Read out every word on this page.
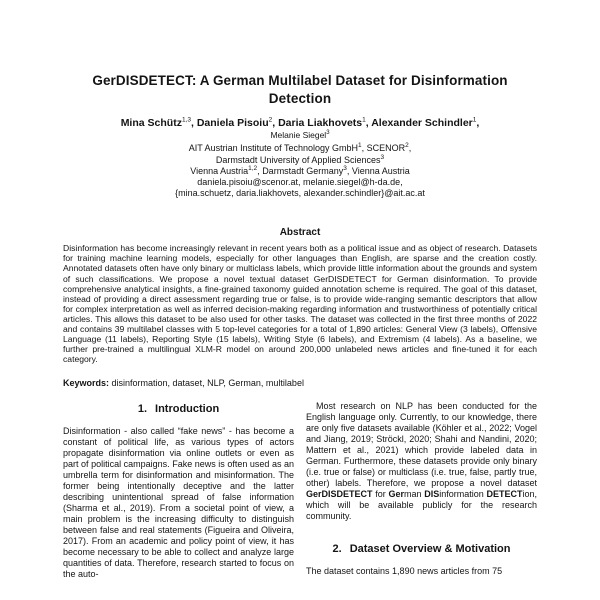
GerDISDETECT: A German Multilabel Dataset for Disinformation Detection
Mina Schütz$^{1,3}$, Daniela Pisoiu$^2$, Daria Liakhovets$^1$, Alexander Schindler$^1$,
Melanie Siegel$^3$
AIT Austrian Institute of Technology GmbH$^1$, SCENOR$^2$,
Darmstadt University of Applied Sciences$^3$
Vienna Austria$^{1,2}$, Darmstadt Germany$^3$, Vienna Austria
daniela.pisoiu@scenor.at, melanie.siegel@h-da.de,
{mina.schuetz, daria.liakhovets, alexander.schindler}@ait.ac.at
Abstract
Disinformation has become increasingly relevant in recent years both as a political issue and as object of research. Datasets for training machine learning models, especially for other languages than English, are sparse and the creation costly. Annotated datasets often have only binary or multiclass labels, which provide little information about the grounds and system of such classifications. We propose a novel textual dataset GerDISDETECT for German disinformation. To provide comprehensive analytical insights, a fine-grained taxonomy guided annotation scheme is required. The goal of this dataset, instead of providing a direct assessment regarding true or false, is to provide wide-ranging semantic descriptors that allow for complex interpretation as well as inferred decision-making regarding information and trustworthiness of potentially critical articles. This allows this dataset to be also used for other tasks. The dataset was collected in the first three months of 2022 and contains 39 multilabel classes with 5 top-level categories for a total of 1,890 articles: General View (3 labels), Offensive Language (11 labels), Reporting Style (15 labels), Writing Style (6 labels), and Extremism (4 labels). As a baseline, we further pre-trained a multilingual XLM-R model on around 200,000 unlabeled news articles and fine-tuned it for each category.
Keywords: disinformation, dataset, NLP, German, multilabel
1. Introduction
Disinformation - also called “fake news” - has become a constant of political life, as various types of actors propagate disinformation via online outlets or even as part of political campaigns. Fake news is often used as an umbrella term for disinformation and misinformation. The former being intentionally deceptive and the latter describing unintentional spread of false information (Sharma et al., 2019). From a societal point of view, a main problem is the increasing difficulty to distinguish between false and real statements (Figueira and Oliveira, 2017). From an academic and policy point of view, it has become necessary to be able to collect and analyze large quantities of data. Therefore, research started to focus on the auto-
Most research on NLP has been conducted for the English language only. Currently, to our knowledge, there are only five datasets available (Köhler et al., 2022; Vogel and Jiang, 2019; Ströckl, 2020; Shahi and Nandini, 2020; Mattern et al., 2021) which provide labeled data in German. Furthermore, these datasets provide only binary (i.e. true or false) or multiclass (i.e. true, false, partly true, other) labels. Therefore, we propose a novel dataset GerDISDETECT for German DISinformation DETECTion, which will be available publicly for the research community.
2. Dataset Overview & Motivation
The dataset contains 1,890 news articles from 75
